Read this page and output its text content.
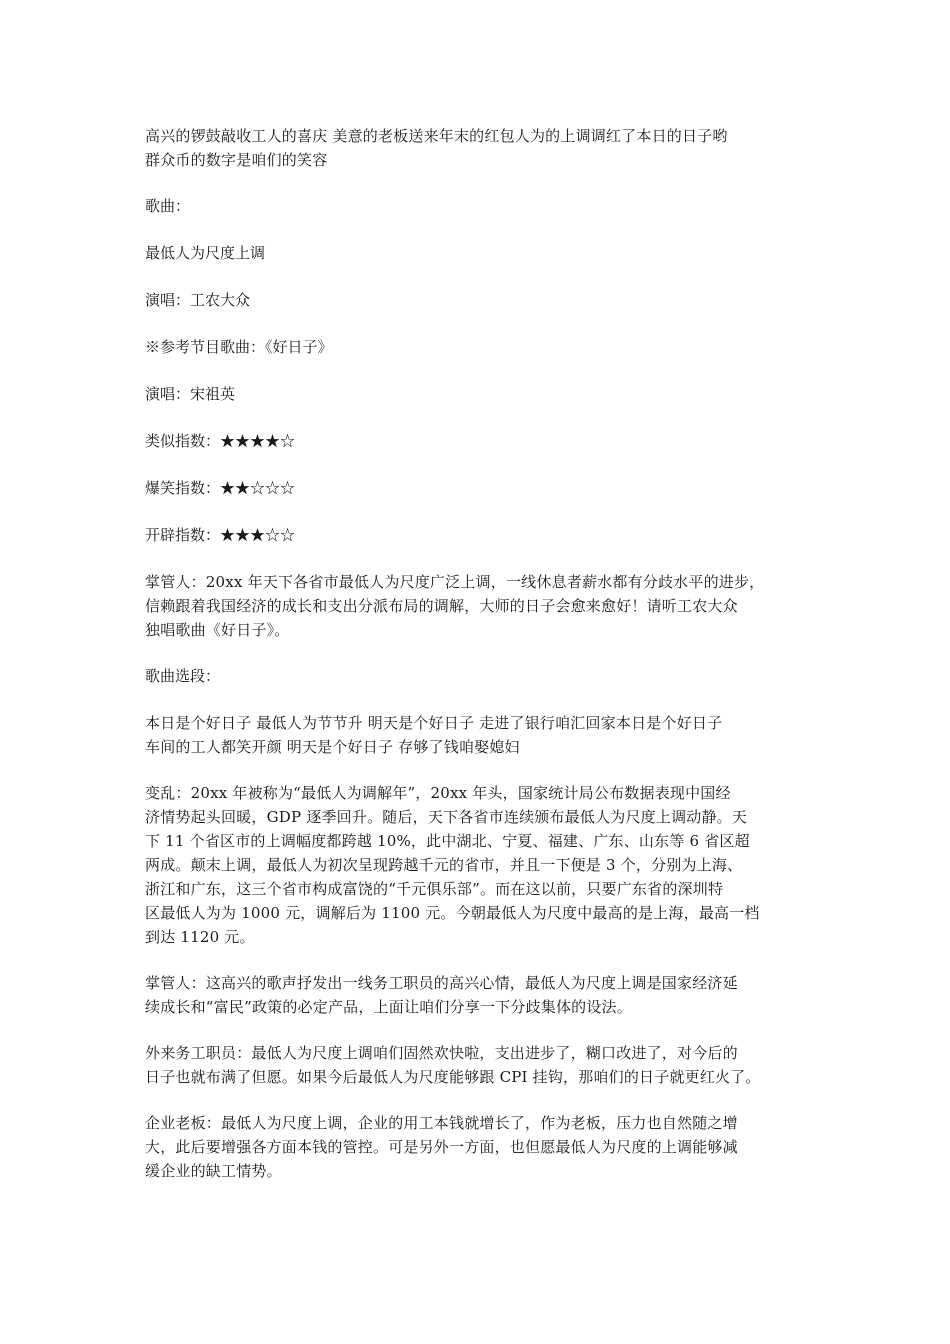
高兴的锣鼓敲收工人的喜庆 美意的老板送来年末的红包人为的上调调红了本日的日子哟
群众币的数字是咱们的笑容

歌曲：

最低人为尺度上调

演唱：工农大众

※参考节目歌曲：《好日子》

演唱：宋祖英

类似指数：★★★★☆

爆笑指数：★★☆☆☆

开辟指数：★★★☆☆

掌管人：20xx 年天下各省市最低人为尺度广泛上调，一线休息者薪水都有分歧水平的进步，
信赖跟着我国经济的成长和支出分派布局的调解，大师的日子会愈来愈好！请听工农大众
独唱歌曲《好日子》。

歌曲选段：

本日是个好日子 最低人为节节升 明天是个好日子 走进了银行咱汇回家本日是个好日子
车间的工人都笑开颜 明天是个好日子 存够了钱咱娶媳妇

变乱：20xx 年被称为“最低人为调解年”，20xx 年头，国家统计局公布数据表现中国经
济情势起头回暖，GDP 逐季回升。随后，天下各省市连续颁布最低人为尺度上调动静。天
下 11 个省区市的上调幅度都跨越 10%，此中湖北、宁夏、福建、广东、山东等 6 省区超
两成。颠末上调，最低人为初次呈现跨越千元的省市，并且一下便是 3 个，分别为上海、
浙江和广东，这三个省市构成富饶的“千元俱乐部”。而在这以前，只要广东省的深圳特
区最低人为为 1000 元，调解后为 1100 元。今朝最低人为尺度中最高的是上海，最高一档
到达 1120 元。

掌管人：这高兴的歌声抒发出一线务工职员的高兴心情，最低人为尺度上调是国家经济延
续成长和“富民”政策的必定产品，上面让咱们分享一下分歧集体的设法。

外来务工职员：最低人为尺度上调咱们固然欢快啦，支出进步了，糊口改进了，对今后的
日子也就布满了但愿。如果今后最低人为尺度能够跟 CPI 挂钩，那咱们的日子就更红火了。

企业老板：最低人为尺度上调，企业的用工本钱就增长了，作为老板，压力也自然随之增
大，此后要增强各方面本钱的管控。可是另外一方面，也但愿最低人为尺度的上调能够减
缓企业的缺工情势。
